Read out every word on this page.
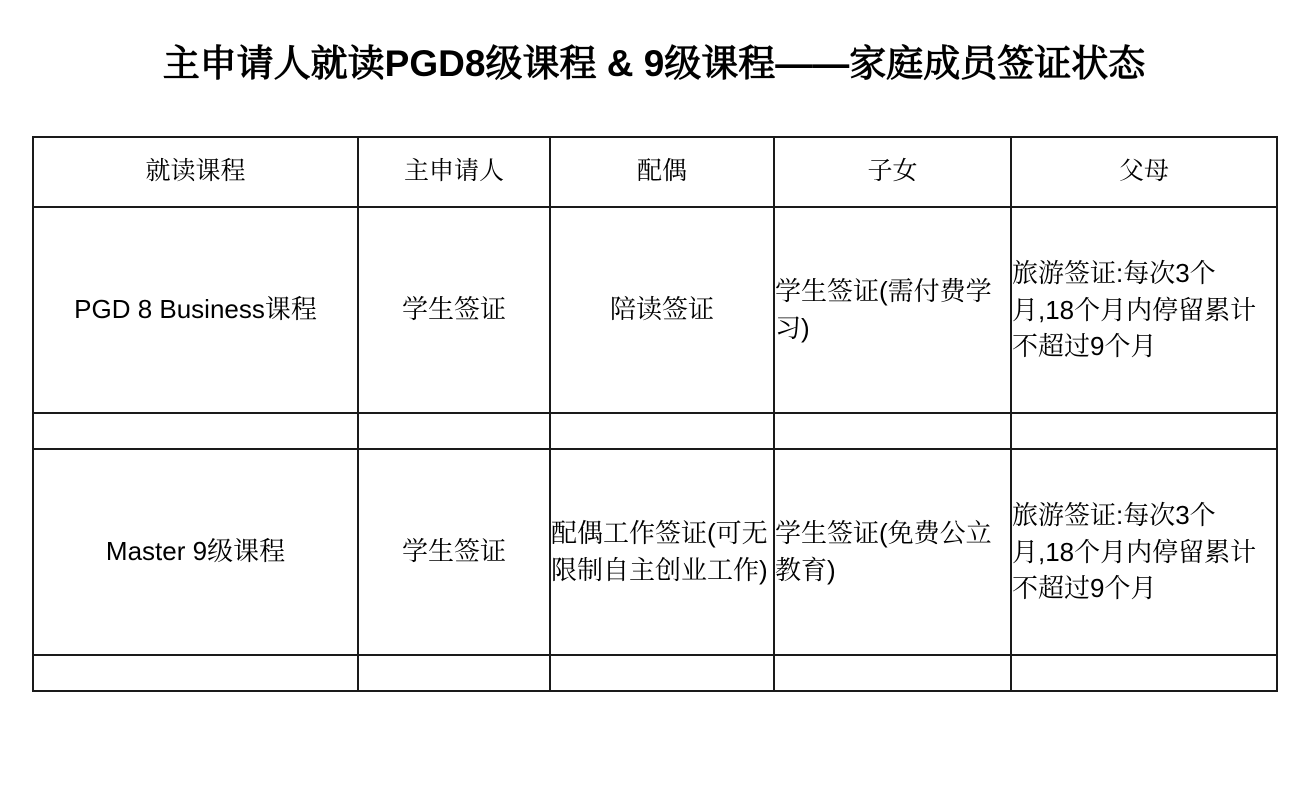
主申请人就读PGD8级课程 & 9级课程——家庭成员签证状态
就读课程	主申请人	配偶	子女	父母
PGD 8 Business课程	学生签证	陪读签证	学生签证(需付费学习)	旅游签证:每次3个月,18个月内停留累计不超过9个月

Master 9级课程	学生签证	配偶工作签证(可无限制自主创业工作)	学生签证(免费公立教育)	旅游签证:每次3个月,18个月内停留累计不超过9个月
